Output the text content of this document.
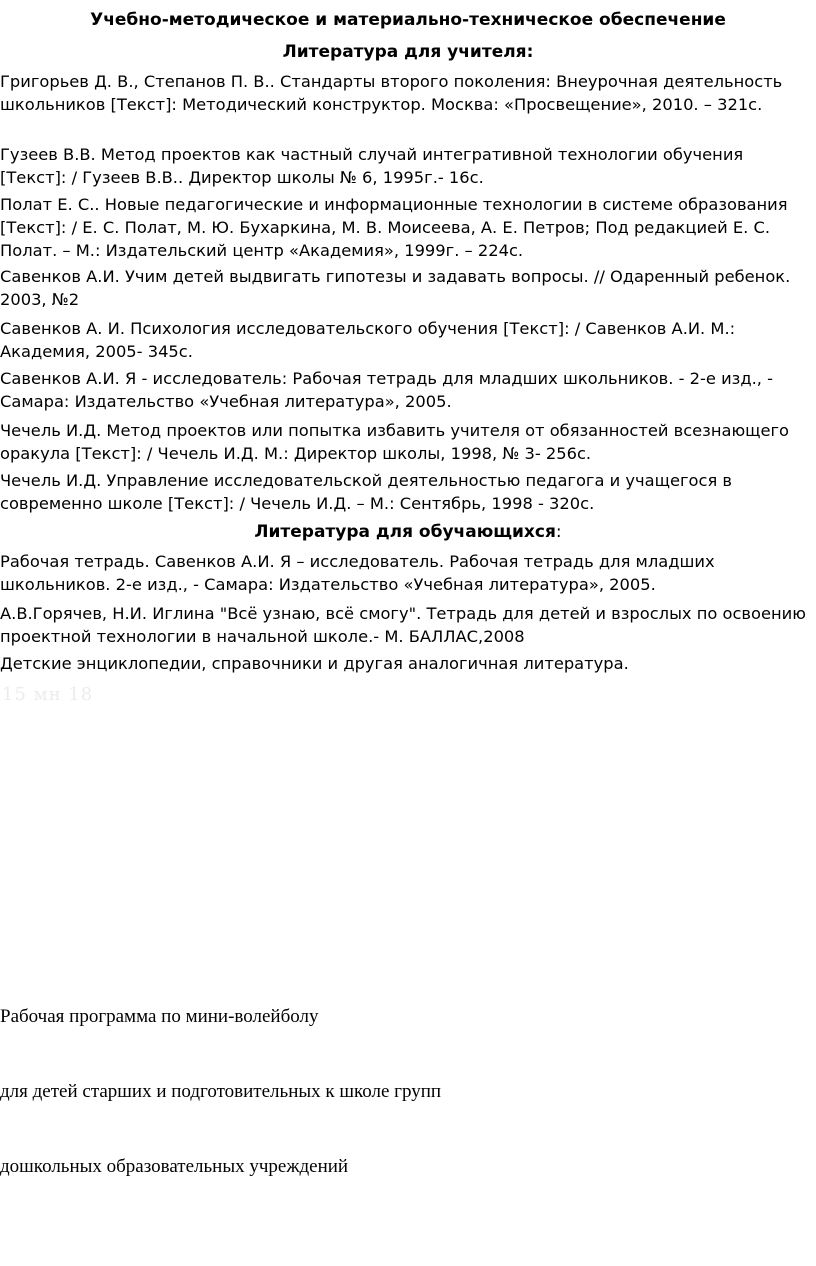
Учебно-методическое и материально-техническое обеспечение
Литература для учителя:

Григорьев Д. В., Степанов П. В.. Стандарты второго поколения: Внеурочная деятельность школьников [Текст]: Методический конструктор. Москва: «Просвещение», 2010. – 321с.

Гузеев В.В. Метод проектов как частный случай интегративной технологии обучения [Текст]: / Гузеев В.В.. Директор школы № 6, 1995г.- 16с.

Полат Е. С.. Новые педагогические и информационные технологии в системе образования [Текст]: / Е. С. Полат, М. Ю. Бухаркина, М. В. Моисеева, А. Е. Петров; Под редакцией Е. С. Полат. – М.: Издательский центр «Академия», 1999г. – 224с.

Савенков А.И. Учим детей выдвигать гипотезы и задавать вопросы. // Одаренный ребенок. 2003, №2

Савенков А. И. Психология исследовательского обучения [Текст]: / Савенков А.И. М.: Академия, 2005- 345с.

Савенков А.И. Я - исследователь: Рабочая тетрадь для младших школьников. - 2-е изд., - Самара: Издательство «Учебная литература», 2005.

Чечель И.Д. Метод проектов или попытка избавить учителя от обязанностей всезнающего оракула [Текст]: / Чечель И.Д. М.: Директор школы, 1998, № 3- 256с.

Чечель И.Д. Управление исследовательской деятельностью педагога и учащегося в современно школе [Текст]: / Чечель И.Д. – М.: Сентябрь, 1998 - 320с.

Литература для обучающихся:

Рабочая тетрадь. Савенков А.И. Я – исследователь. Рабочая тетрадь для младших школьников. 2-е изд., - Самара: Издательство «Учебная литература», 2005.

А.В.Горячев, Н.И. Иглина "Всё узнаю, всё смогу". Тетрадь для детей и взрослых по освоению проектной технологии в начальной школе.- М. БАЛЛАС,2008

Детские энциклопедии, справочники и другая аналогичная литература.

15 мн 18
Рабочая программа по мини-волейболу
для детей старших и подготовительных к школе групп
дошкольных образовательных учреждений
